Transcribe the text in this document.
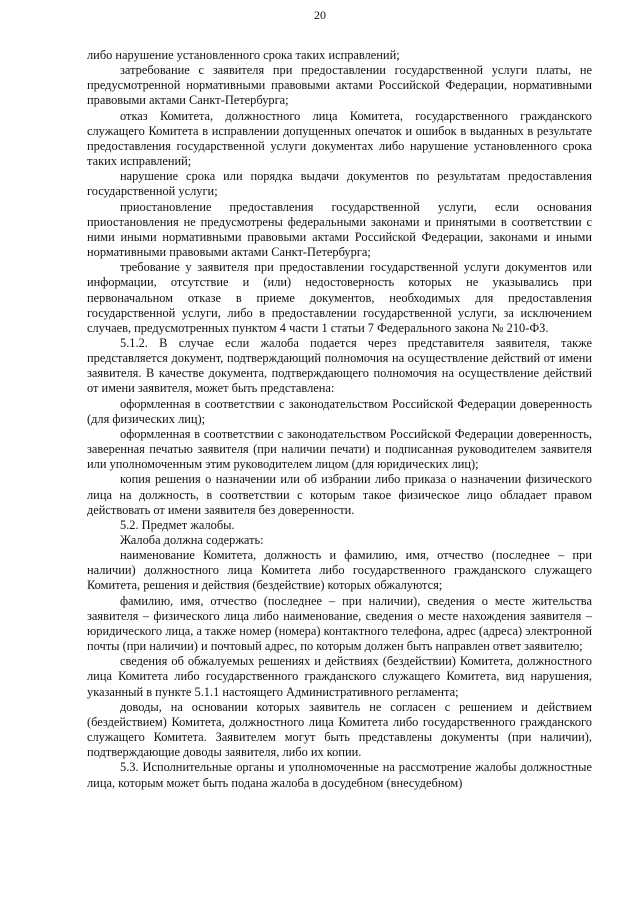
20

либо нарушение установленного срока таких исправлений;

затребование с заявителя при предоставлении государственной услуги платы, не предусмотренной нормативными правовыми актами Российской Федерации, нормативными правовыми актами Санкт-Петербурга;

отказ Комитета, должностного лица Комитета, государственного гражданского служащего Комитета в исправлении допущенных опечаток и ошибок в выданных в результате предоставления государственной услуги документах либо нарушение установленного срока таких исправлений;

нарушение срока или порядка выдачи документов по результатам предоставления государственной услуги;

приостановление предоставления государственной услуги, если основания приостановления не предусмотрены федеральными законами и принятыми в соответствии с ними иными нормативными правовыми актами Российской Федерации, законами и иными нормативными правовыми актами Санкт-Петербурга;

требование у заявителя при предоставлении государственной услуги документов или информации, отсутствие и (или) недостоверность которых не указывались при первоначальном отказе в приеме документов, необходимых для предоставления государственной услуги, либо в предоставлении государственной услуги, за исключением случаев, предусмотренных пунктом 4 части 1 статьи 7 Федерального закона № 210-ФЗ.

5.1.2. В случае если жалоба подается через представителя заявителя, также представляется документ, подтверждающий полномочия на осуществление действий от имени заявителя. В качестве документа, подтверждающего полномочия на осуществление действий от имени заявителя, может быть представлена:

оформленная в соответствии с законодательством Российской Федерации доверенность (для физических лиц);

оформленная в соответствии с законодательством Российской Федерации доверенность, заверенная печатью заявителя (при наличии печати) и подписанная руководителем заявителя или уполномоченным этим руководителем лицом (для юридических лиц);

копия решения о назначении или об избрании либо приказа о назначении физического лица на должность, в соответствии с которым такое физическое лицо обладает правом действовать от имени заявителя без доверенности.

5.2. Предмет жалобы.

Жалоба должна содержать:

наименование Комитета, должность и фамилию, имя, отчество (последнее – при наличии) должностного лица Комитета либо государственного гражданского служащего Комитета, решения и действия (бездействие) которых обжалуются;

фамилию, имя, отчество (последнее – при наличии), сведения о месте жительства заявителя – физического лица либо наименование, сведения о месте нахождения заявителя – юридического лица, а также номер (номера) контактного телефона, адрес (адреса) электронной почты (при наличии) и почтовый адрес, по которым должен быть направлен ответ заявителю;

сведения об обжалуемых решениях и действиях (бездействии) Комитета, должностного лица Комитета либо государственного гражданского служащего Комитета, вид нарушения, указанный в пункте 5.1.1 настоящего Административного регламента;

доводы, на основании которых заявитель не согласен с решением и действием (бездействием) Комитета, должностного лица Комитета либо государственного гражданского служащего Комитета. Заявителем могут быть представлены документы (при наличии), подтверждающие доводы заявителя, либо их копии.

5.3. Исполнительные органы и уполномоченные на рассмотрение жалобы должностные лица, которым может быть подана жалоба в досудебном (внесудебном)
